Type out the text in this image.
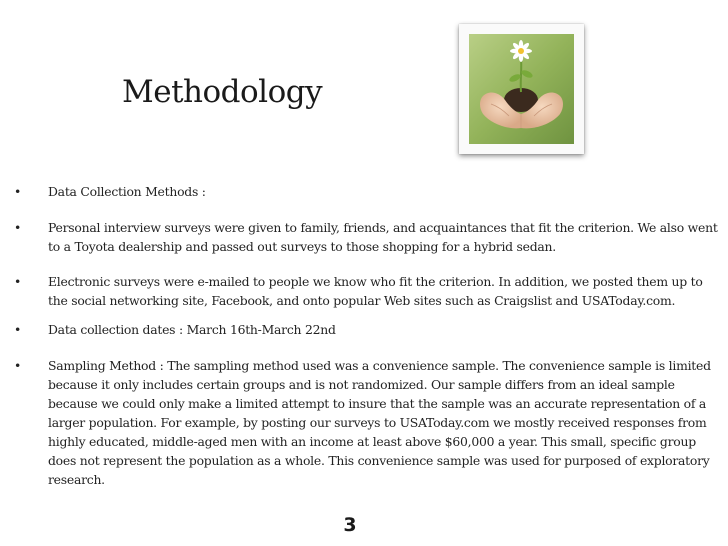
Methodology
• Data Collection Methods :
• Personal interview surveys were given to family, friends, and acquaintances that fit the criterion. We also went to a Toyota dealership and passed out surveys to those shopping for a hybrid sedan.
• Electronic surveys were e-mailed to people we know who fit the criterion. In addition, we posted them up to the social networking site, Facebook, and onto popular Web sites such as Craigslist and USAToday.com.
• Data collection dates : March 16th-March 22nd
• Sampling Method : The sampling method used was a convenience sample. The convenience sample is limited because it only includes certain groups and is not randomized. Our sample differs from an ideal sample because we could only make a limited attempt to insure that the sample was an accurate representation of a larger population. For example, by posting our surveys to USAToday.com we mostly received responses from highly educated, middle-aged men with an income at least above $60,000 a year. This small, specific group does not represent the population as a whole. This convenience sample was used for purposed of exploratory research.
3
